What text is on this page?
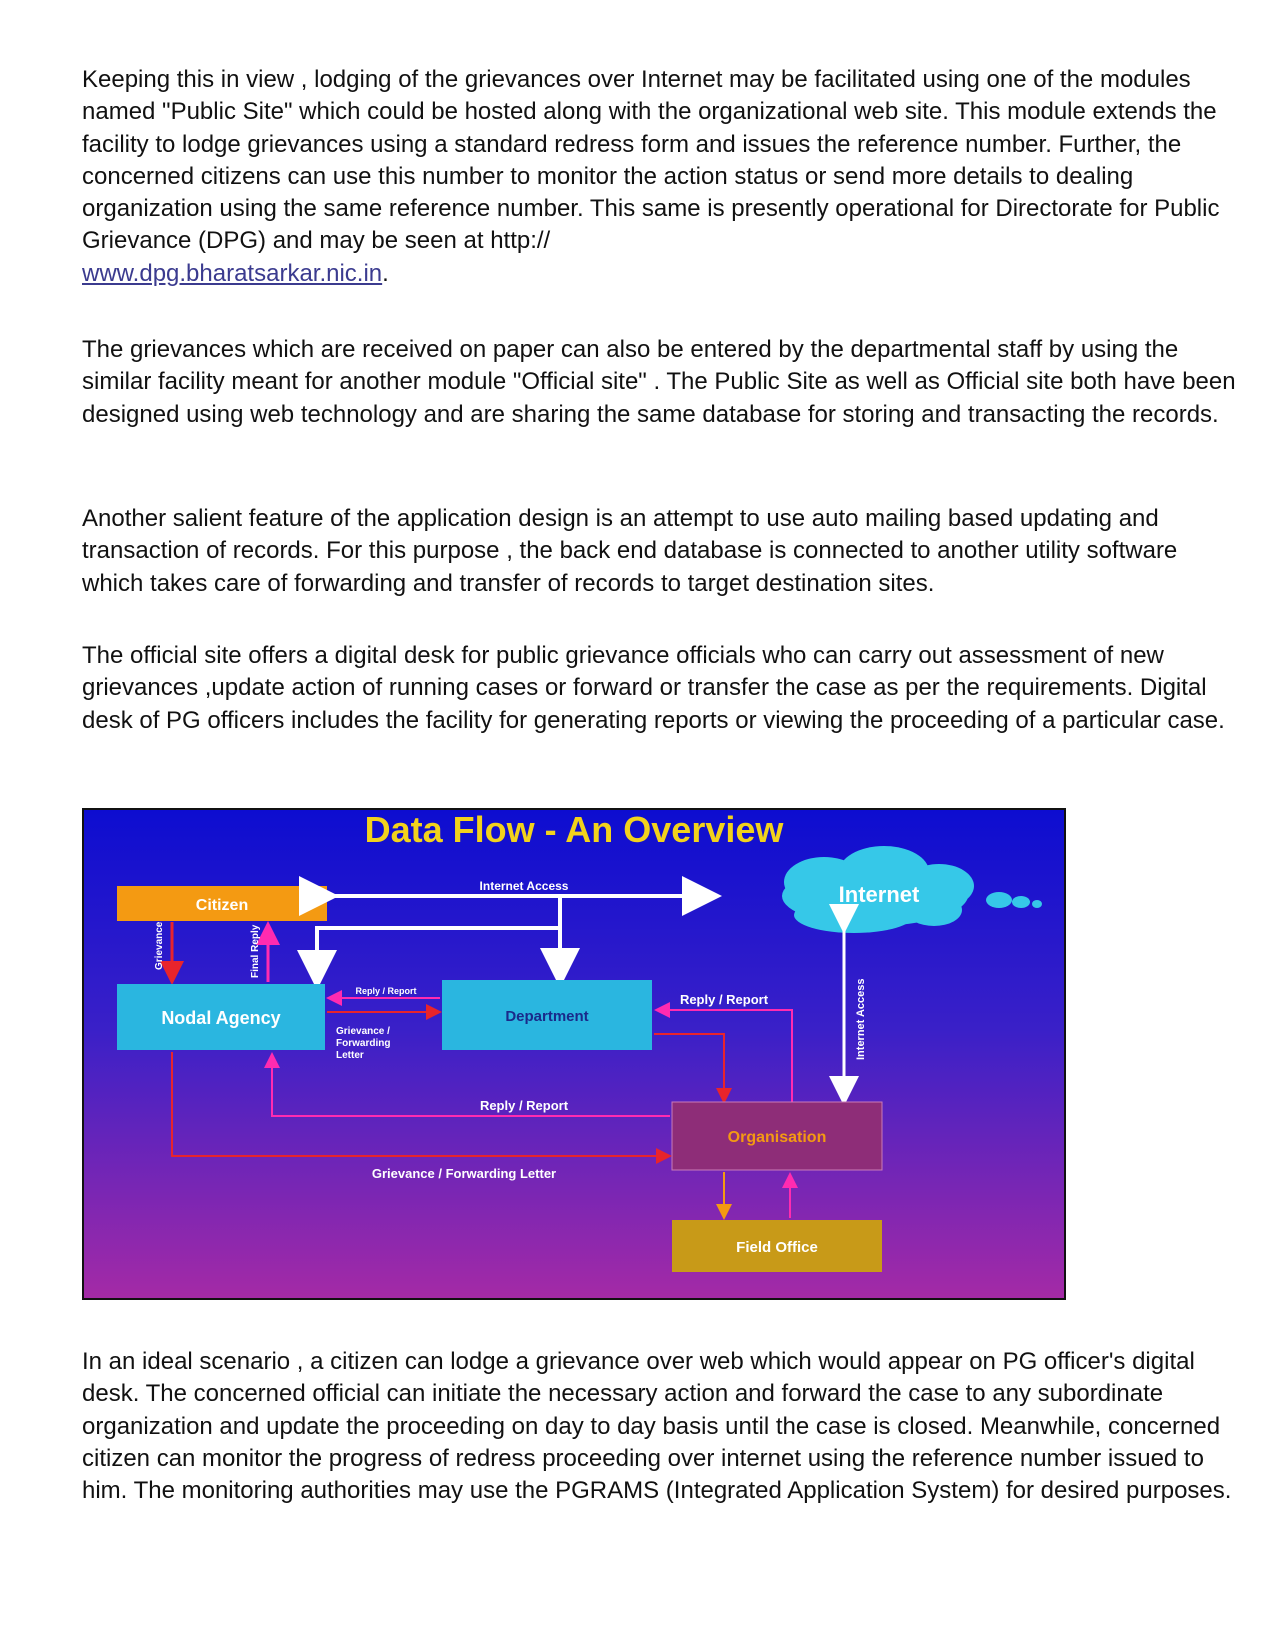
Keeping this in view , lodging of the grievances over Internet may be facilitated using one of the modules named "Public Site" which could be hosted along with the organizational web site. This module extends the facility to lodge grievances using a standard redress form and issues the reference number. Further, the concerned citizens can use this number to monitor the action status or send more details to dealing organization using the same reference number. This same is presently operational for Directorate for Public Grievance (DPG) and may be seen at http://
www.dpg.bharatsarkar.nic.in.

The grievances which are received on paper can also be entered by the departmental staff by using the similar facility meant for another module "Official site" . The Public Site as well as Official site both have been designed using web technology and are sharing the same database for storing and transacting the records.

Another salient feature of the application design is an attempt to use auto mailing based updating and transaction of records. For this purpose , the back end database is connected to another utility software which takes care of forwarding and transfer of records to target destination sites.

The official site offers a digital desk for public grievance officials who can carry out assessment of new grievances ,update action of running cases or forward or transfer the case as per the requirements. Digital desk of PG officers includes the facility for generating reports or viewing the proceeding of a particular case.

Data Flow - An Overview
Internet
Citizen
Internet Access
Grievance	Final Reply
Nodal Agency	Department
Reply / Report
Grievance /
Forwarding
Letter
Reply / Report	Internet Access
Organisation
Reply / Report
Grievance / Forwarding Letter
Field Office

In an ideal scenario , a citizen can lodge a grievance over web which would appear on PG officer's digital desk. The concerned official can initiate the necessary action and forward the case to any subordinate organization and update the proceeding on day to day basis until the case is closed. Meanwhile, concerned citizen can monitor the progress of redress proceeding over internet using the reference number issued to him. The monitoring authorities may use the PGRAMS (Integrated Application System) for desired purposes.
